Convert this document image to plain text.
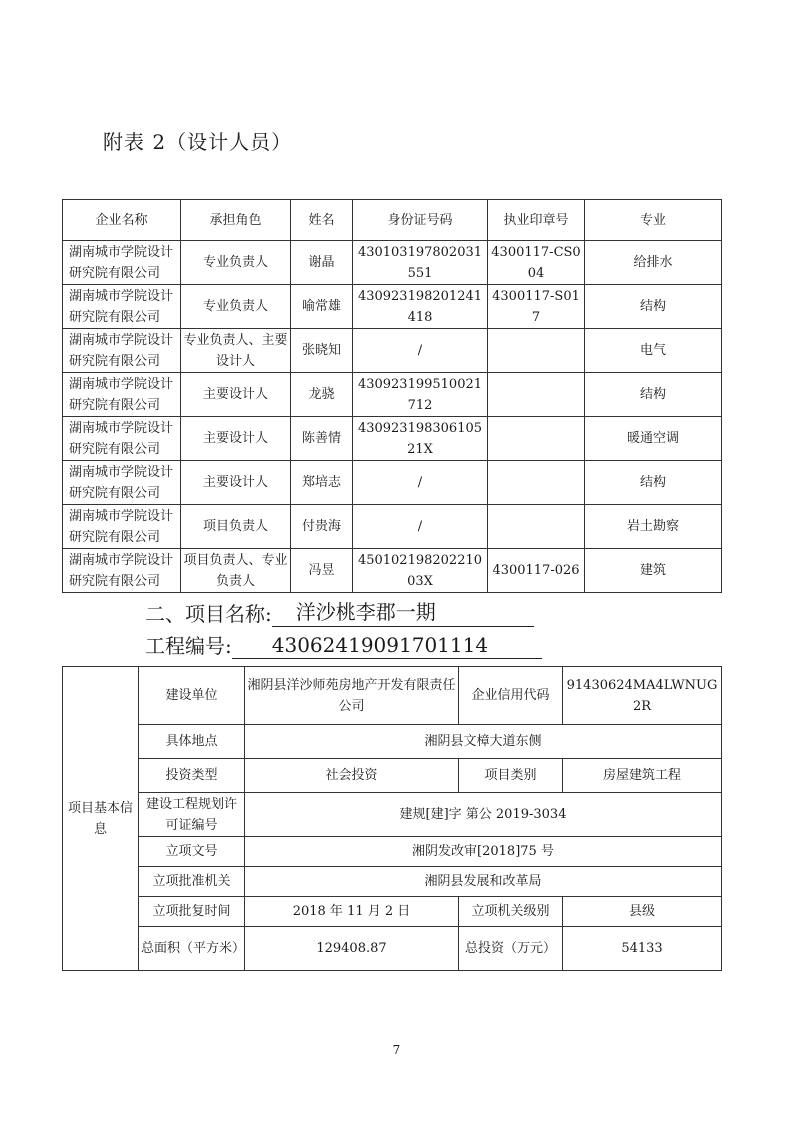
附表 2（设计人员）
企业名称	承担角色	姓名	身份证号码	执业印章号	专业
湖南城市学院设计研究院有限公司	专业负责人	谢晶	430103197802031551	4300117-CS004	给排水
湖南城市学院设计研究院有限公司	专业负责人	喻常雄	430923198201241418	4300117-S017	结构
湖南城市学院设计研究院有限公司	专业负责人、主要设计人	张晓知	/		电气
湖南城市学院设计研究院有限公司	主要设计人	龙骁	430923199510021712		结构
湖南城市学院设计研究院有限公司	主要设计人	陈善情	43092319830610521X		暖通空调
湖南城市学院设计研究院有限公司	主要设计人	郑培志	/		结构
湖南城市学院设计研究院有限公司	项目负责人	付贵海	/		岩土勘察
湖南城市学院设计研究院有限公司	项目负责人、专业负责人	冯昱	45010219820221003X	4300117-026	建筑
二、项目名称:	洋沙桃李郡一期
工程编号:	43062419091701114
项目基本信息	建设单位	湘阴县洋沙师苑房地产开发有限责任公司	企业信用代码	91430624MA4LWNUG2R
	具体地点	湘阴县文樟大道东侧		
	投资类型	社会投资	项目类别	房屋建筑工程
	建设工程规划许可证编号	建规[建]字 第公 2019-3034		
	立项文号	湘阴发改审[2018]75 号		
	立项批准机关	湘阴县发展和改革局		
	立项批复时间	2018 年 11 月 2 日	立项机关级别	县级
	总面积（平方米）	129408.87	总投资（万元）	54133
7
